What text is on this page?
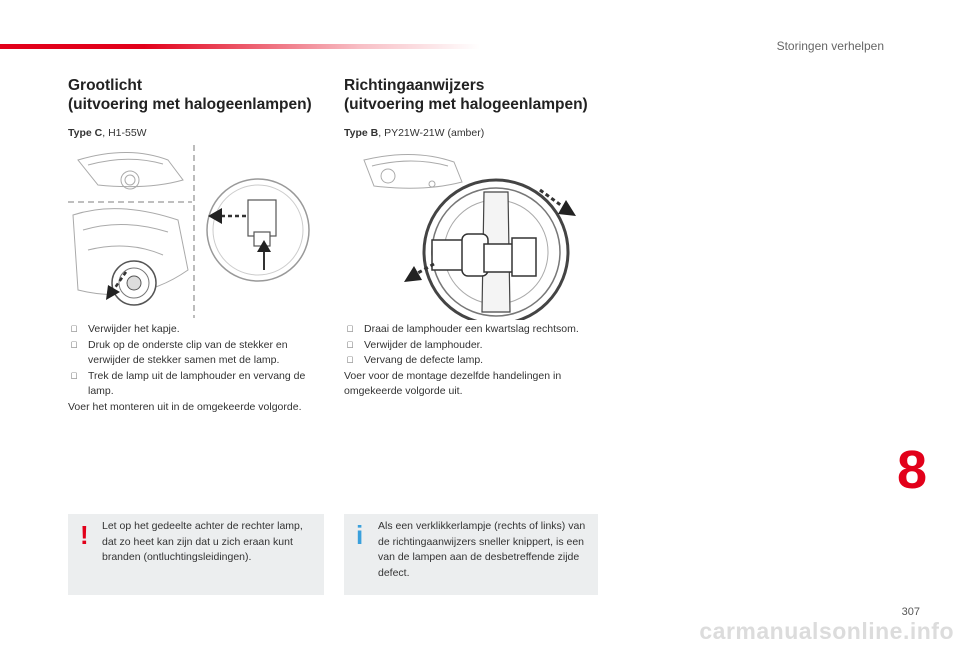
Storingen verhelpen
Grootlicht
(uitvoering met halogeenlampen)
Type C, H1-55W
Verwijder het kapje.
Druk op de onderste clip van de stekker en verwijder de stekker samen met de lamp.
Trek de lamp uit de lamphouder en vervang de lamp.
Voer het monteren uit in de omgekeerde volgorde.
! Let op het gedeelte achter de rechter lamp, dat zo heet kan zijn dat u zich eraan kunt branden (ontluchtingsleidingen).
Richtingaanwijzers
(uitvoering met halogeenlampen)
Type B, PY21W-21W (amber)
Draai de lamphouder een kwartslag rechtsom.
Verwijder de lamphouder.
Vervang de defecte lamp.
Voer voor de montage dezelfde handelingen in omgekeerde volgorde uit.
i Als een verklikkerlampje (rechts of links) van de richtingaanwijzers sneller knippert, is een van de lampen aan de desbetreffende zijde defect.
8
307
carmanualsonline.info
